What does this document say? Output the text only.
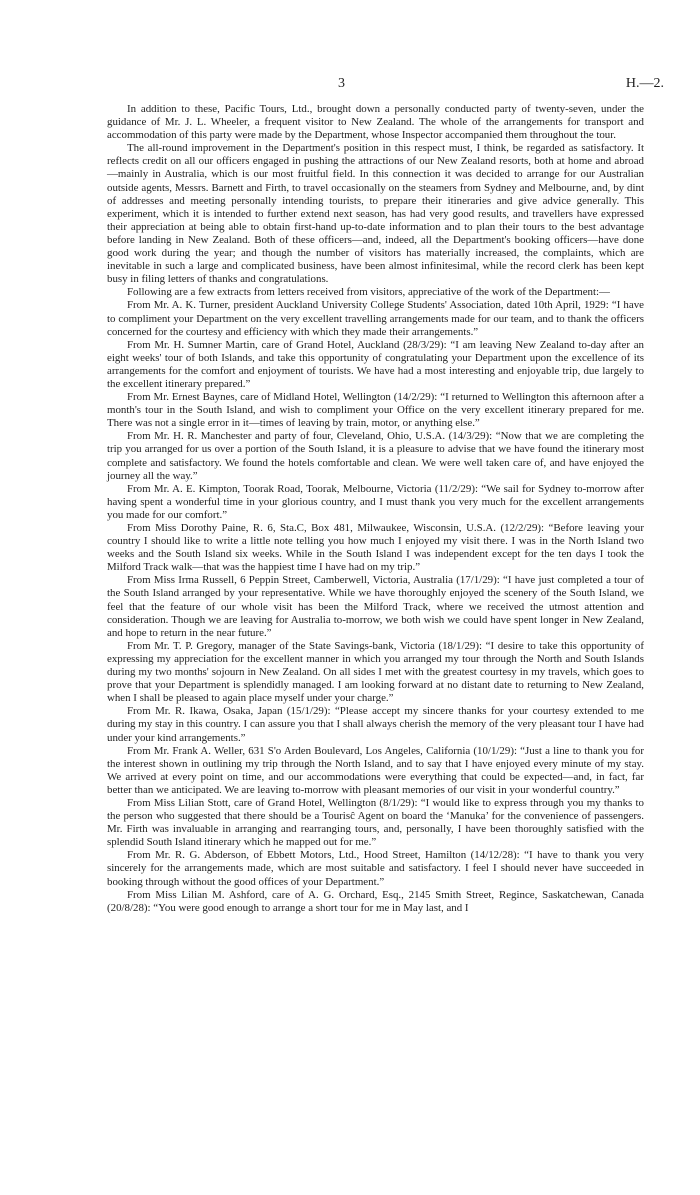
3	H.—2.

In addition to these, Pacific Tours, Ltd., brought down a personally conducted party of twenty-seven, under the guidance of Mr. J. L. Wheeler, a frequent visitor to New Zealand. The whole of the arrangements for transport and accommodation of this party were made by the Department, whose Inspector accompanied them throughout the tour.

The all-round improvement in the Department's position in this respect must, I think, be regarded as satisfactory. It reflects credit on all our officers engaged in pushing the attractions of our New Zealand resorts, both at home and abroad—mainly in Australia, which is our most fruitful field. In this connection it was decided to arrange for our Australian outside agents, Messrs. Barnett and Firth, to travel occasionally on the steamers from Sydney and Melbourne, and, by dint of addresses and meeting personally intending tourists, to prepare their itineraries and give advice generally. This experiment, which it is intended to further extend next season, has had very good results, and travellers have expressed their appreciation at being able to obtain first-hand up-to-date information and to plan their tours to the best advantage before landing in New Zealand. Both of these officers—and, indeed, all the Department's booking officers—have done good work during the year; and though the number of visitors has materially increased, the complaints, which are inevitable in such a large and complicated business, have been almost infinitesimal, while the record clerk has been kept busy in filing letters of thanks and congratulations.

Following are a few extracts from letters received from visitors, appreciative of the work of the Department:—

From Mr. A. K. Turner, president Auckland University College Students' Association, dated 10th April, 1929: “I have to compliment your Department on the very excellent travelling arrangements made for our team, and to thank the officers concerned for the courtesy and efficiency with which they made their arrangements.”

From Mr. H. Sumner Martin, care of Grand Hotel, Auckland (28/3/29): “I am leaving New Zealand to-day after an eight weeks' tour of both Islands, and take this opportunity of congratulating your Department upon the excellence of its arrangements for the comfort and enjoyment of tourists. We have had a most interesting and enjoyable trip, due largely to the excellent itinerary prepared.”

From Mr. Ernest Baynes, care of Midland Hotel, Wellington (14/2/29): “I returned to Wellington this afternoon after a month's tour in the South Island, and wish to compliment your Office on the very excellent itinerary prepared for me. There was not a single error in it—times of leaving by train, motor, or anything else.”

From Mr. H. R. Manchester and party of four, Cleveland, Ohio, U.S.A. (14/3/29): “Now that we are completing the trip you arranged for us over a portion of the South Island, it is a pleasure to advise that we have found the itinerary most complete and satisfactory. We found the hotels comfortable and clean. We were well taken care of, and have enjoyed the journey all the way.”

From Mr. A. E. Kimpton, Toorak Road, Toorak, Melbourne, Victoria (11/2/29): “We sail for Sydney to-morrow after having spent a wonderful time in your glorious country, and I must thank you very much for the excellent arrangements you made for our comfort.”

From Miss Dorothy Paine, R. 6, Sta.C, Box 481, Milwaukee, Wisconsin, U.S.A. (12/2/29): “Before leaving your country I should like to write a little note telling you how much I enjoyed my visit there. I was in the North Island two weeks and the South Island six weeks. While in the South Island I was independent except for the ten days I took the Milford Track walk—that was the happiest time I have had on my trip.”

From Miss Irma Russell, 6 Peppin Street, Camberwell, Victoria, Australia (17/1/29): “I have just completed a tour of the South Island arranged by your representative. While we have thoroughly enjoyed the scenery of the South Island, we feel that the feature of our whole visit has been the Milford Track, where we received the utmost attention and consideration. Though we are leaving for Australia to-morrow, we both wish we could have spent longer in New Zealand, and hope to return in the near future.”

From Mr. T. P. Gregory, manager of the State Savings-bank, Victoria (18/1/29): “I desire to take this opportunity of expressing my appreciation for the excellent manner in which you arranged my tour through the North and South Islands during my two months' sojourn in New Zealand. On all sides I met with the greatest courtesy in my travels, which goes to prove that your Department is splendidly managed. I am looking forward at no distant date to returning to New Zealand, when I shall be pleased to again place myself under your charge.”

From Mr. R. Ikawa, Osaka, Japan (15/1/29): “Please accept my sincere thanks for your courtesy extended to me during my stay in this country. I can assure you that I shall always cherish the memory of the very pleasant tour I have had under your kind arrangements.”

From Mr. Frank A. Weller, 631 S'o Arden Boulevard, Los Angeles, California (10/1/29): “Just a line to thank you for the interest shown in outlining my trip through the North Island, and to say that I have enjoyed every minute of my stay. We arrived at every point on time, and our accommodations were everything that could be expected—and, in fact, far better than we anticipated. We are leaving to-morrow with pleasant memories of our visit in your wonderful country.”

From Miss Lilian Stott, care of Grand Hotel, Wellington (8/1/29): “I would like to express through you my thanks to the person who suggested that there should be a Tourisĉ Agent on board the ‘Manuka’ for the convenience of passengers. Mr. Firth was invaluable in arranging and rearranging tours, and, personally, I have been thoroughly satisfied with the splendid South Island itinerary which he mapped out for me.”

From Mr. R. G. Abderson, of Ebbett Motors, Ltd., Hood Street, Hamilton (14/12/28): “I have to thank you very sincerely for the arrangements made, which are most suitable and satisfactory. I feel I should never have succeeded in booking through without the good offices of your Department.”

From Miss Lilian M. Ashford, care of A. G. Orchard, Esq., 2145 Smith Street, Regince, Saskatchewan, Canada (20/8/28): “You were good enough to arrange a short tour for me in May last, and I
